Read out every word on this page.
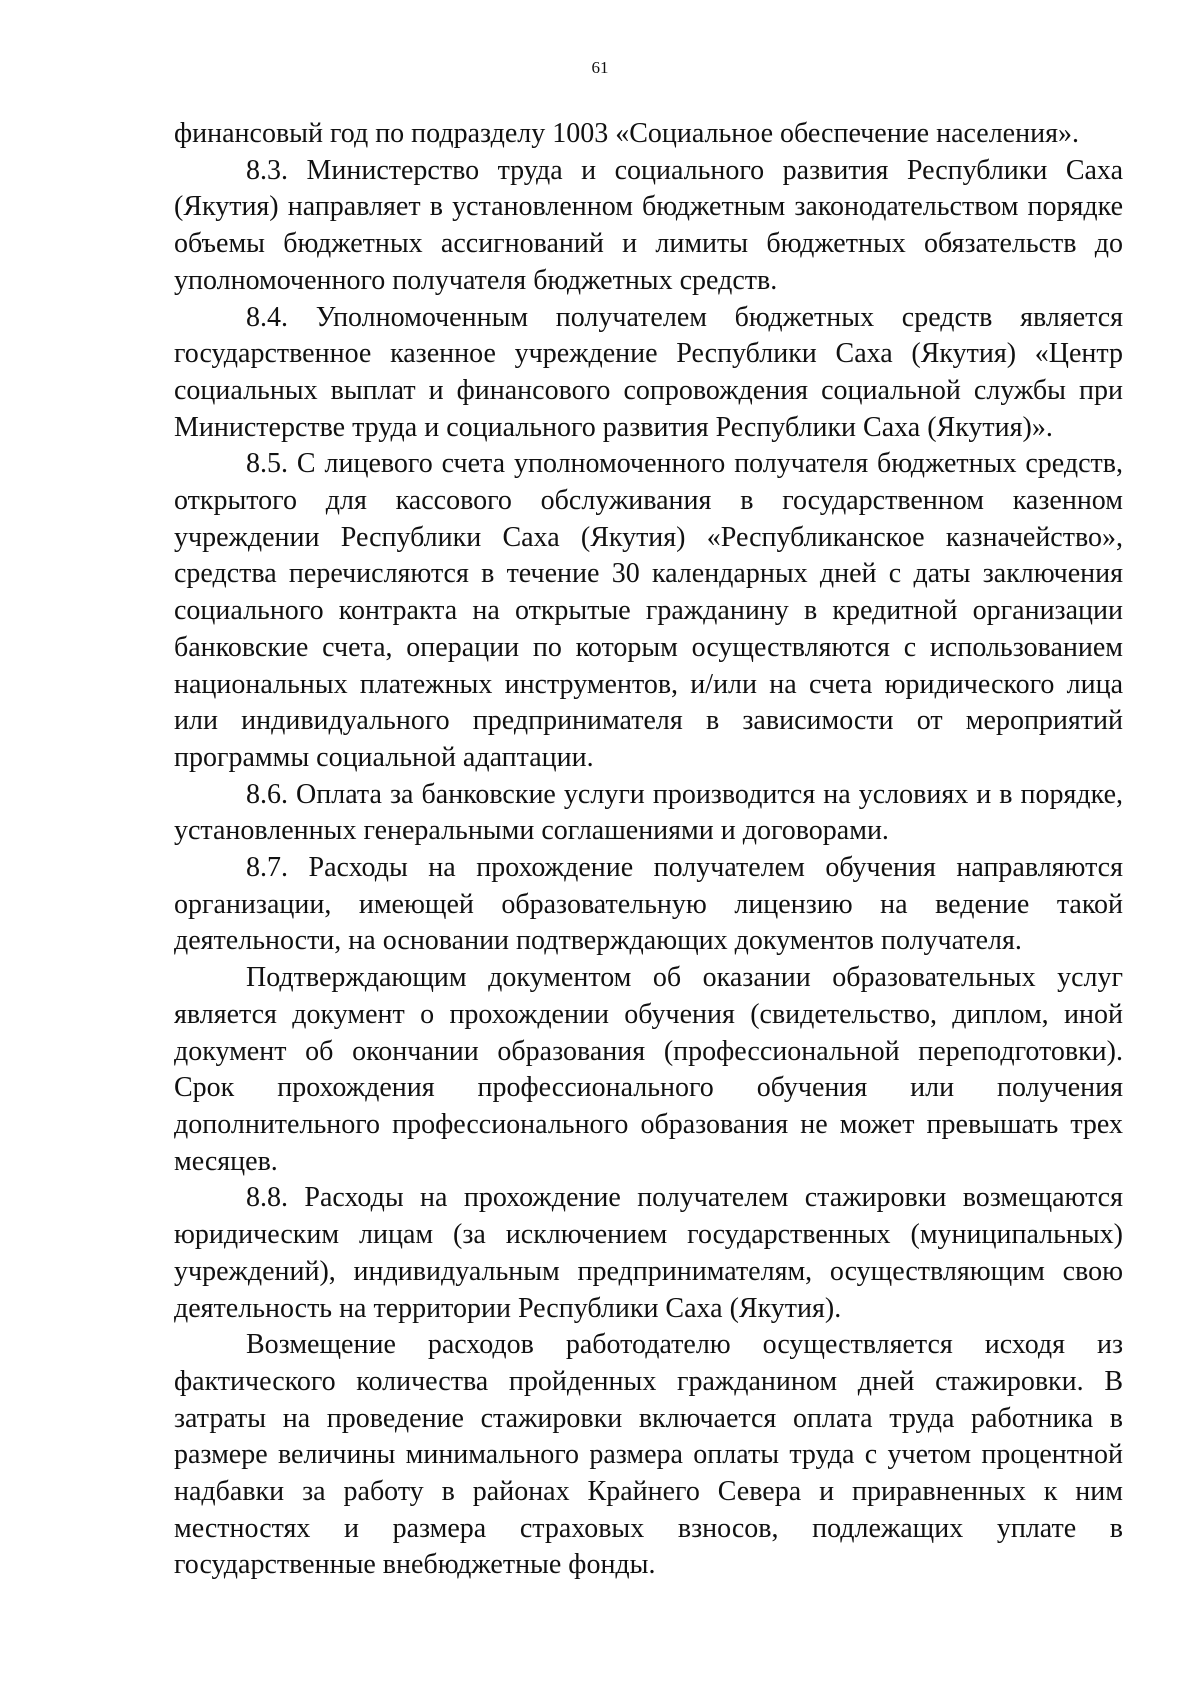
61

финансовый год по подразделу 1003 «Социальное обеспечение населения».

8.3. Министерство труда и социального развития Республики Саха (Якутия) направляет в установленном бюджетным законодательством порядке объемы бюджетных ассигнований и лимиты бюджетных обязательств до уполномоченного получателя бюджетных средств.

8.4. Уполномоченным получателем бюджетных средств является государственное казенное учреждение Республики Саха (Якутия) «Центр социальных выплат и финансового сопровождения социальной службы при Министерстве труда и социального развития Республики Саха (Якутия)».

8.5. С лицевого счета уполномоченного получателя бюджетных средств, открытого для кассового обслуживания в государственном казенном учреждении Республики Саха (Якутия) «Республиканское казначейство», средства перечисляются в течение 30 календарных дней с даты заключения социального контракта на открытые гражданину в кредитной организации банковские счета, операции по которым осуществляются с использованием национальных платежных инструментов, и/или на счета юридического лица или индивидуального предпринимателя в зависимости от мероприятий программы социальной адаптации.

8.6. Оплата за банковские услуги производится на условиях и в порядке, установленных генеральными соглашениями и договорами.

8.7. Расходы на прохождение получателем обучения направляются организации, имеющей образовательную лицензию на ведение такой деятельности, на основании подтверждающих документов получателя.

Подтверждающим документом об оказании образовательных услуг является документ о прохождении обучения (свидетельство, диплом, иной документ об окончании образования (профессиональной переподготовки). Срок прохождения профессионального обучения или получения дополнительного профессионального образования не может превышать трех месяцев.

8.8. Расходы на прохождение получателем стажировки возмещаются юридическим лицам (за исключением государственных (муниципальных) учреждений), индивидуальным предпринимателям, осуществляющим свою деятельность на территории Республики Саха (Якутия).

Возмещение расходов работодателю осуществляется исходя из фактического количества пройденных гражданином дней стажировки. В затраты на проведение стажировки включается оплата труда работника в размере величины минимального размера оплаты труда с учетом процентной надбавки за работу в районах Крайнего Севера и приравненных к ним местностях и размера страховых взносов, подлежащих уплате в государственные внебюджетные фонды.
